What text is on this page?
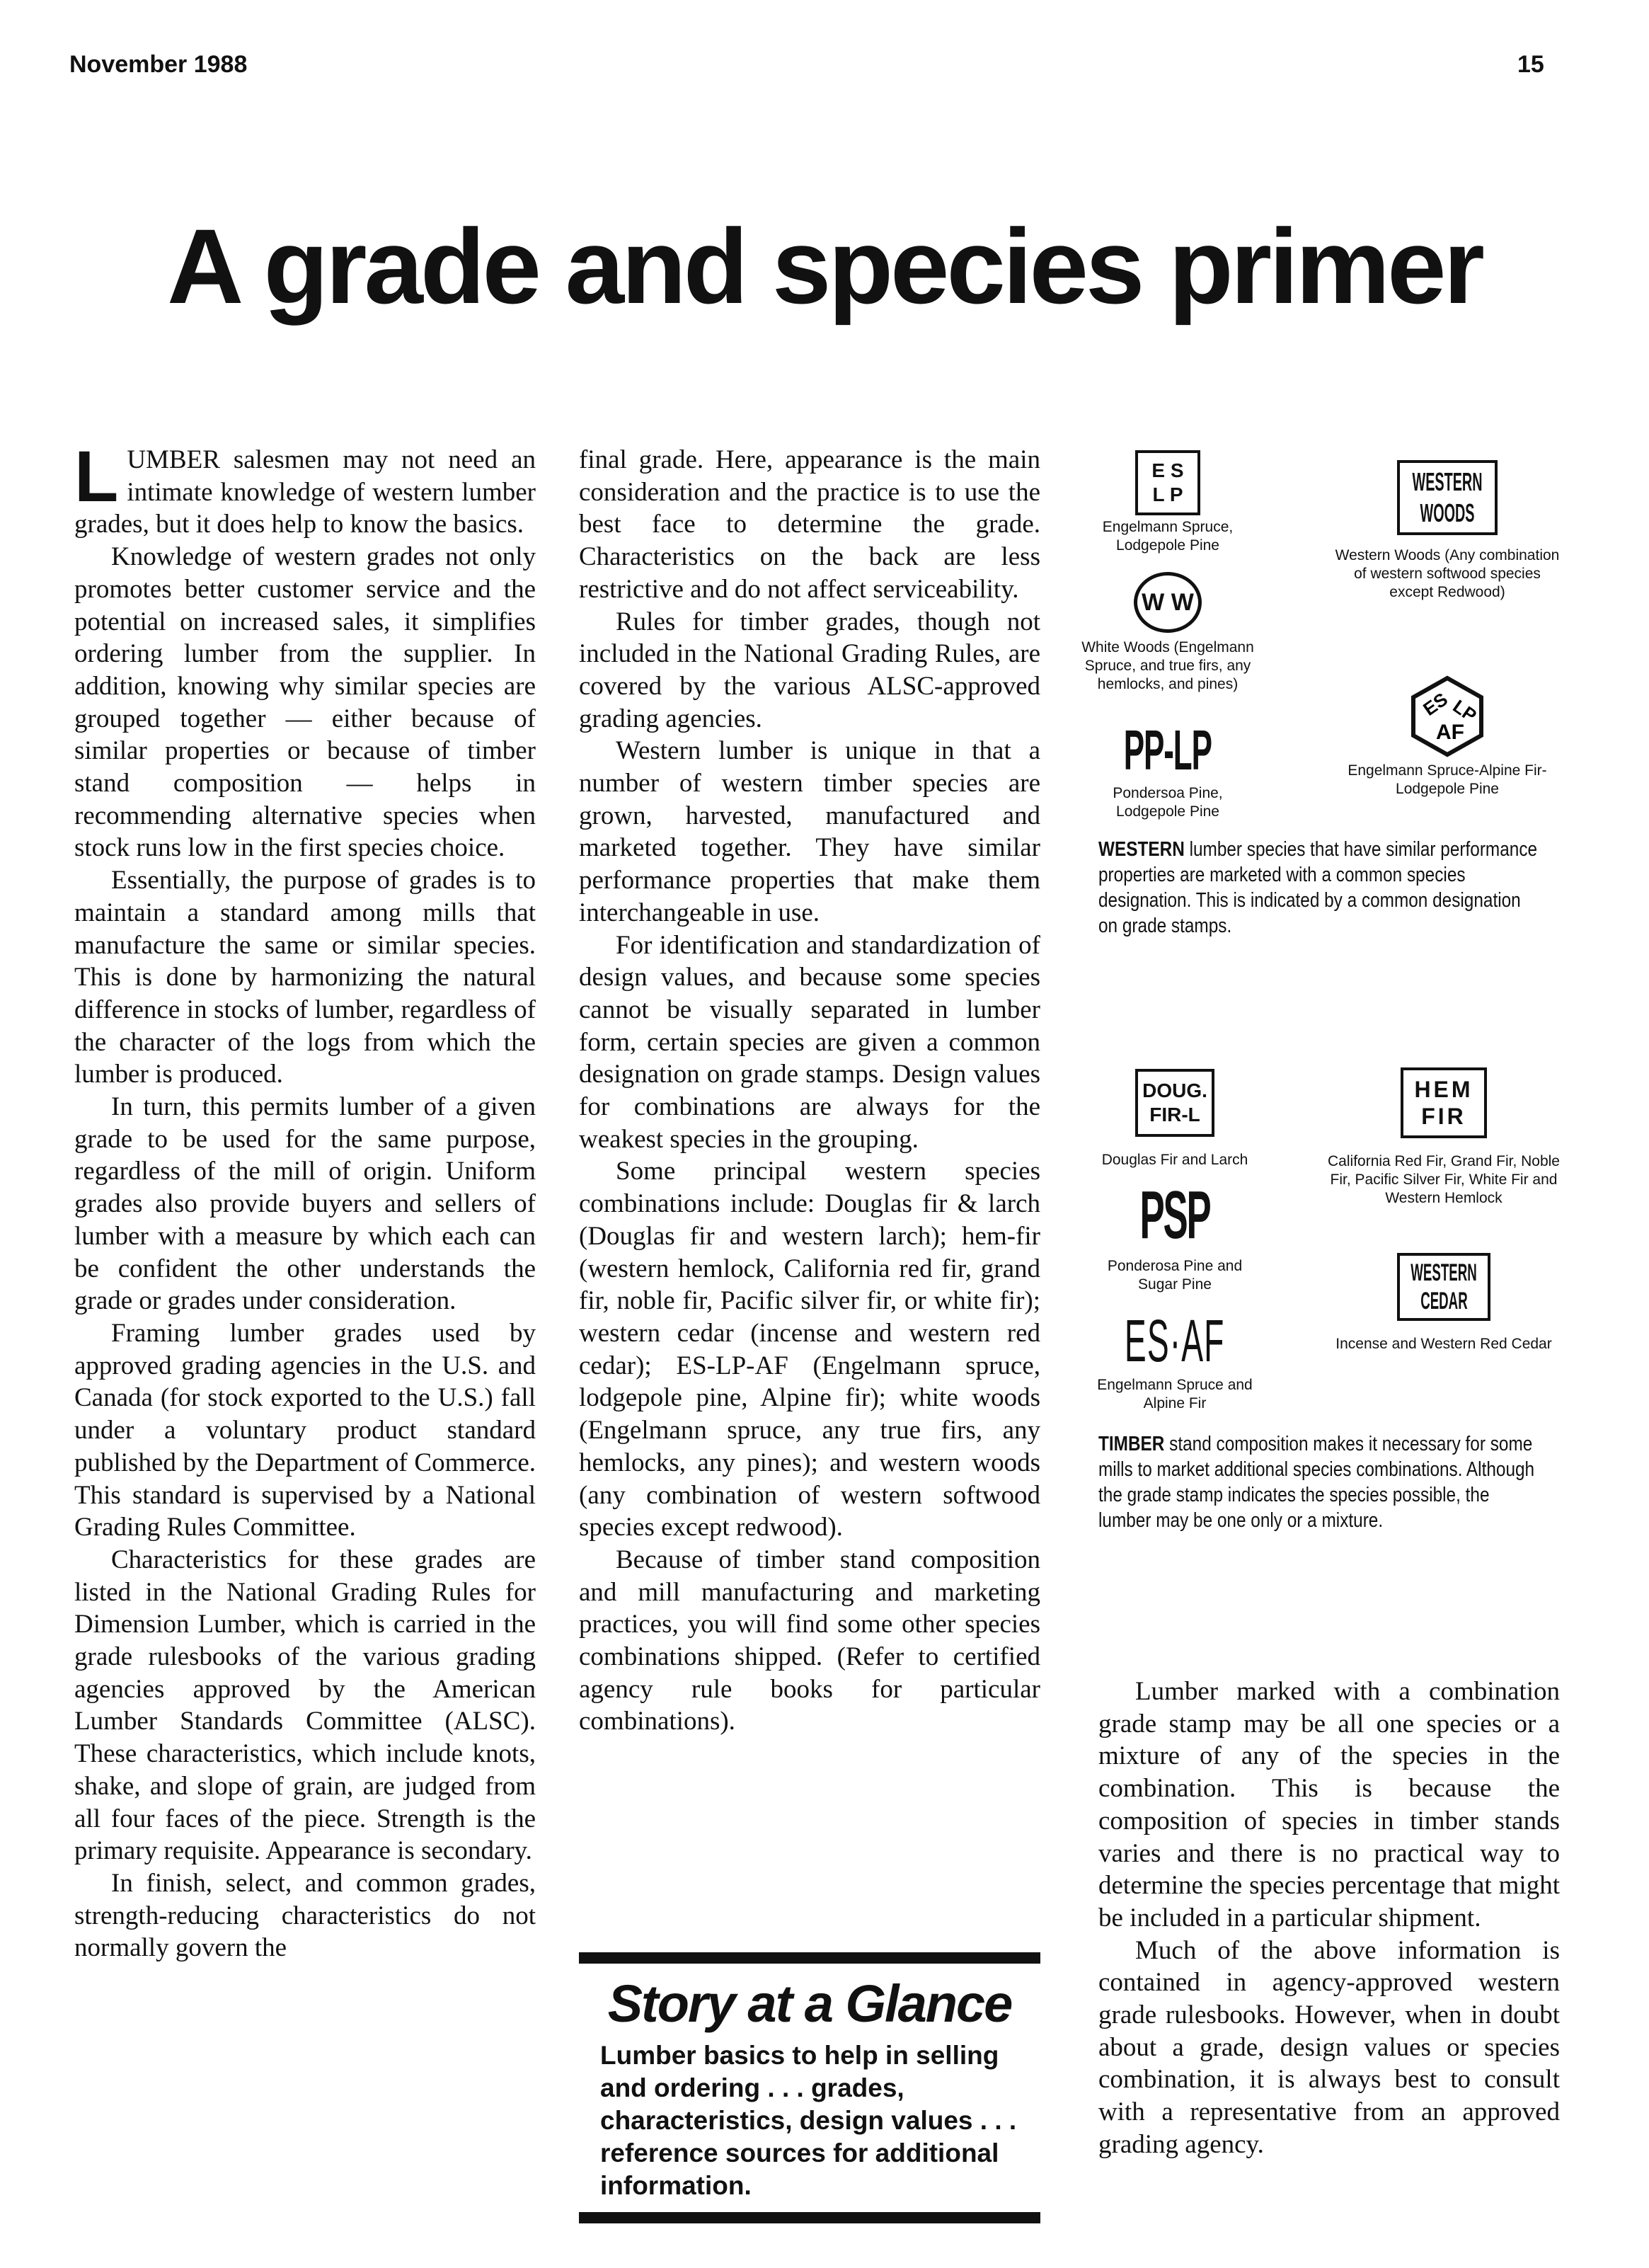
November 1988	15
A grade and species primer

LUMBER salesmen may not need an intimate knowledge of western lumber grades, but it does help to know the basics.

Knowledge of western grades not only promotes better customer service and the potential on increased sales, it simplifies ordering lumber from the supplier. In addition, knowing why similar species are grouped together — either because of similar properties or because of timber stand composition — helps in recommending alternative species when stock runs low in the first species choice.

Essentially, the purpose of grades is to maintain a standard among mills that manufacture the same or similar species. This is done by harmonizing the natural difference in stocks of lumber, regardless of the character of the logs from which the lumber is produced.

In turn, this permits lumber of a given grade to be used for the same purpose, regardless of the mill of origin. Uniform grades also provide buyers and sellers of lumber with a measure by which each can be confident the other understands the grade or grades under consideration.

Framing lumber grades used by approved grading agencies in the U.S. and Canada (for stock exported to the U.S.) fall under a voluntary product standard published by the Department of Commerce. This standard is supervised by a National Grading Rules Committee.

Characteristics for these grades are listed in the National Grading Rules for Dimension Lumber, which is carried in the grade rulesbooks of the various grading agencies approved by the American Lumber Standards Committee (ALSC). These characteristics, which include knots, shake, and slope of grain, are judged from all four faces of the piece. Strength is the primary requisite. Appearance is secondary.

In finish, select, and common grades, strength-reducing characteristics do not normally govern the

final grade. Here, appearance is the main consideration and the practice is to use the best face to determine the grade. Characteristics on the back are less restrictive and do not affect serviceability.

Rules for timber grades, though not included in the National Grading Rules, are covered by the various ALSC-approved grading agencies.

Western lumber is unique in that a number of western timber species are grown, harvested, manufactured and marketed together. They have similar performance properties that make them interchangeable in use.

For identification and standardization of design values, and because some species cannot be visually separated in lumber form, certain species are given a common designation on grade stamps. Design values for combinations are always for the weakest species in the grouping.

Some principal western species combinations include: Douglas fir & larch (Douglas fir and western larch); hem-fir (western hemlock, California red fir, grand fir, noble fir, Pacific silver fir, or white fir); western cedar (incense and western red cedar); ES-LP-AF (Engelmann spruce, lodgepole pine, Alpine fir); white woods (Engelmann spruce, any true firs, any hemlocks, any pines); and western woods (any combination of western softwood species except redwood).

Because of timber stand composition and mill manufacturing and marketing practices, you will find some other species combinations shipped. (Refer to certified agency rule books for particular combinations).

Story at a Glance
Lumber basics to help in selling and ordering . . . grades, characteristics, design values . . . reference sources for additional information.
E S
L P
Engelmann Spruce, Lodgepole Pine
W W
White Woods (Engelmann Spruce, and true firs, any hemlocks, and pines)
PP-LP
Pondersoa Pine, Lodgepole Pine
WESTERN
WOODS
Western Woods (Any combination of western softwood species except Redwood)
ES
LP
AF
Engelmann Spruce-Alpine Fir-Lodgepole Pine
WESTERN lumber species that have similar performance properties are marketed with a common species designation. This is indicated by a common designation on grade stamps.
DOUG.
FIR-L
Douglas Fir and Larch
PSP
Ponderosa Pine and Sugar Pine
ES·AF
Engelmann Spruce and Alpine Fir
HEM
FIR
California Red Fir, Grand Fir, Noble Fir, Pacific Silver Fir, White Fir and Western Hemlock
WESTERN
CEDAR
Incense and Western Red Cedar
TIMBER stand composition makes it necessary for some mills to market additional species combinations. Although the grade stamp indicates the species possible, the lumber may be one only or a mixture.

Lumber marked with a combination grade stamp may be all one species or a mixture of any of the species in the combination. This is because the composition of species in timber stands varies and there is no practical way to determine the species percentage that might be included in a particular shipment.

Much of the above information is contained in agency-approved western grade rulesbooks. However, when in doubt about a grade, design values or species combination, it is always best to consult with a representative from an approved grading agency.
